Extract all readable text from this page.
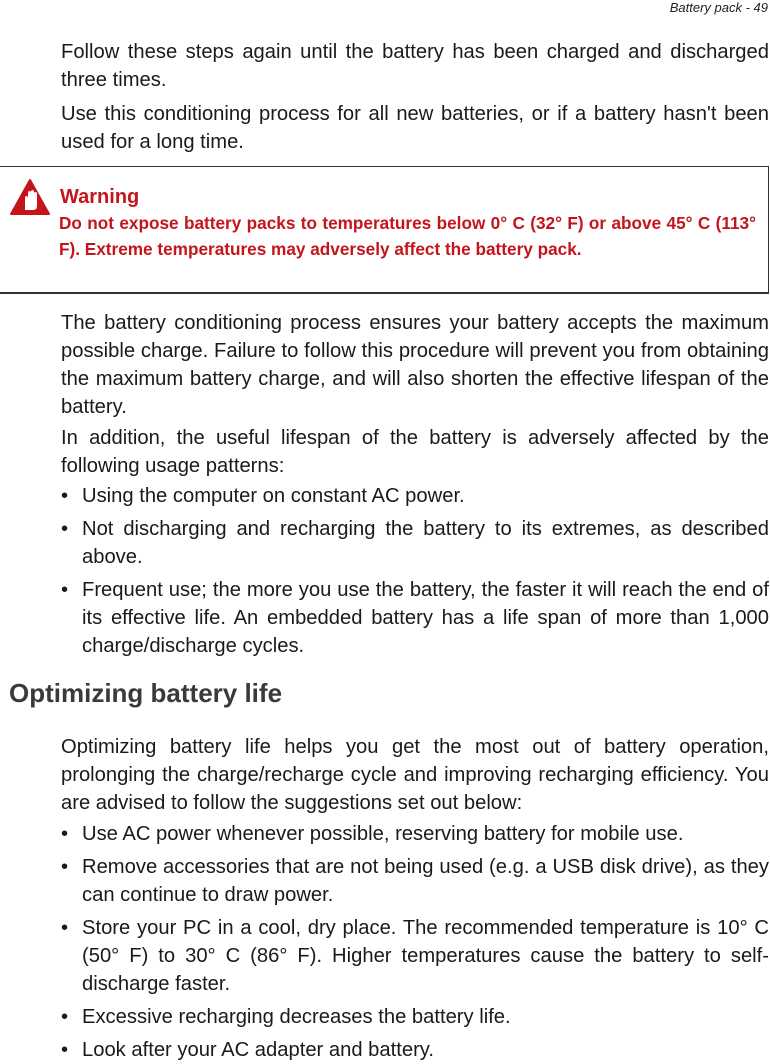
Battery pack - 49

Follow these steps again until the battery has been charged and discharged three times.

Use this conditioning process for all new batteries, or if a battery hasn't been used for a long time.

Warning

Do not expose battery packs to temperatures below 0° C (32° F) or above 45° C (113° F). Extreme temperatures may adversely affect the battery pack.

The battery conditioning process ensures your battery accepts the maximum possible charge. Failure to follow this procedure will prevent you from obtaining the maximum battery charge, and will also shorten the effective lifespan of the battery.

In addition, the useful lifespan of the battery is adversely affected by the following usage patterns:

• Using the computer on constant AC power.
• Not discharging and recharging the battery to its extremes, as described above.
• Frequent use; the more you use the battery, the faster it will reach the end of its effective life. An embedded battery has a life span of more than 1,000 charge/discharge cycles.
Optimizing battery life

Optimizing battery life helps you get the most out of battery operation, prolonging the charge/recharge cycle and improving recharging efficiency. You are advised to follow the suggestions set out below:

• Use AC power whenever possible, reserving battery for mobile use.
• Remove accessories that are not being used (e.g. a USB disk drive), as they can continue to draw power.
• Store your PC in a cool, dry place. The recommended temperature is 10° C (50° F) to 30° C (86° F). Higher temperatures cause the battery to self-discharge faster.
• Excessive recharging decreases the battery life.
• Look after your AC adapter and battery.
